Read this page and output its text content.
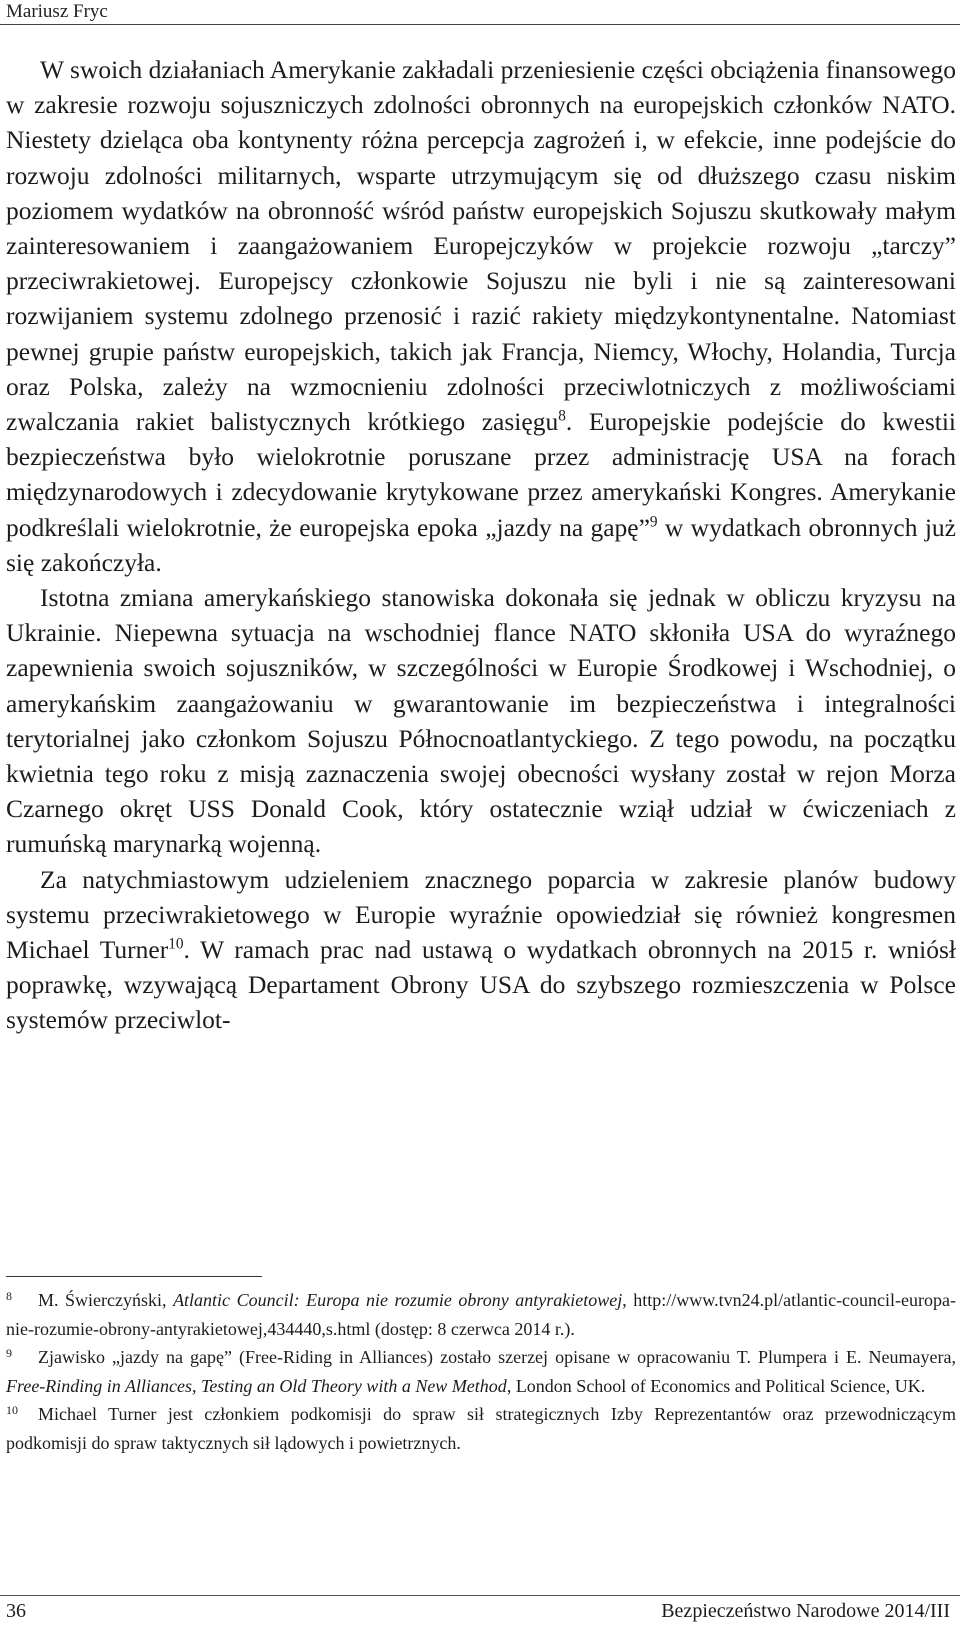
Mariusz Fryc

W swoich działaniach Amerykanie zakładali przeniesienie części obciążenia finansowego w zakresie rozwoju sojuszniczych zdolności obronnych na europejskich członków NATO. Niestety dzieląca oba kontynenty różna percepcja zagrożeń i, w efekcie, inne podejście do rozwoju zdolności militarnych, wsparte utrzymującym się od dłuższego czasu niskim poziomem wydatków na obronność wśród państw europejskich Sojuszu skutkowały małym zainteresowaniem i zaangażowaniem Europejczyków w projekcie rozwoju „tarczy” przeciwrakietowej. Europejscy członkowie Sojuszu nie byli i nie są zainteresowani rozwijaniem systemu zdolnego przenosić i razić rakiety międzykontynentalne. Natomiast pewnej grupie państw europejskich, takich jak Francja, Niemcy, Włochy, Holandia, Turcja oraz Polska, zależy na wzmocnieniu zdolności przeciwlotniczych z możliwościami zwalczania rakiet balistycznych krótkiego zasięgu$^8$. Europejskie podejście do kwestii bezpieczeństwa było wielokrotnie poruszane przez administrację USA na forach międzynarodowych i zdecydowanie krytykowane przez amerykański Kongres. Amerykanie podkreślali wielokrotnie, że europejska epoka „jazdy na gapę”$^9$ w wydatkach obronnych już się zakończyła.

Istotna zmiana amerykańskiego stanowiska dokonała się jednak w obliczu kryzysu na Ukrainie. Niepewna sytuacja na wschodniej flance NATO skłoniła USA do wyraźnego zapewnienia swoich sojuszników, w szczególności w Europie Środkowej i Wschodniej, o amerykańskim zaangażowaniu w gwarantowanie im bezpieczeństwa i integralności terytorialnej jako członkom Sojuszu Północnoatlantyckiego. Z tego powodu, na początku kwietnia tego roku z misją zaznaczenia swojej obecności wysłany został w rejon Morza Czarnego okręt USS Donald Cook, który ostatecznie wziął udział w ćwiczeniach z rumuńską marynarką wojenną.

Za natychmiastowym udzieleniem znacznego poparcia w zakresie planów budowy systemu przeciwrakietowego w Europie wyraźnie opowiedział się również kongresmen Michael Turner$^{10}$. W ramach prac nad ustawą o wydatkach obronnych na 2015 r. wniósł poprawkę, wzywającą Departament Obrony USA do szybszego rozmieszczenia w Polsce systemów przeciwlot-

8 M. Świerczyński, Atlantic Council: Europa nie rozumie obrony antyrakietowej, http://www.tvn24.pl/atlantic-council-europa-nie-rozumie-obrony-antyrakietowej,434440,s.html (dostęp: 8 czerwca 2014 r.).

9 Zjawisko „jazdy na gapę” (Free-Riding in Alliances) zostało szerzej opisane w opracowaniu T. Plumpera i E. Neumayera, Free-Rinding in Alliances, Testing an Old Theory with a New Method, London School of Economics and Political Science, UK.

10 Michael Turner jest członkiem podkomisji do spraw sił strategicznych Izby Reprezentantów oraz przewodniczącym podkomisji do spraw taktycznych sił lądowych i powietrznych.

36	Bezpieczeństwo Narodowe 2014/III
